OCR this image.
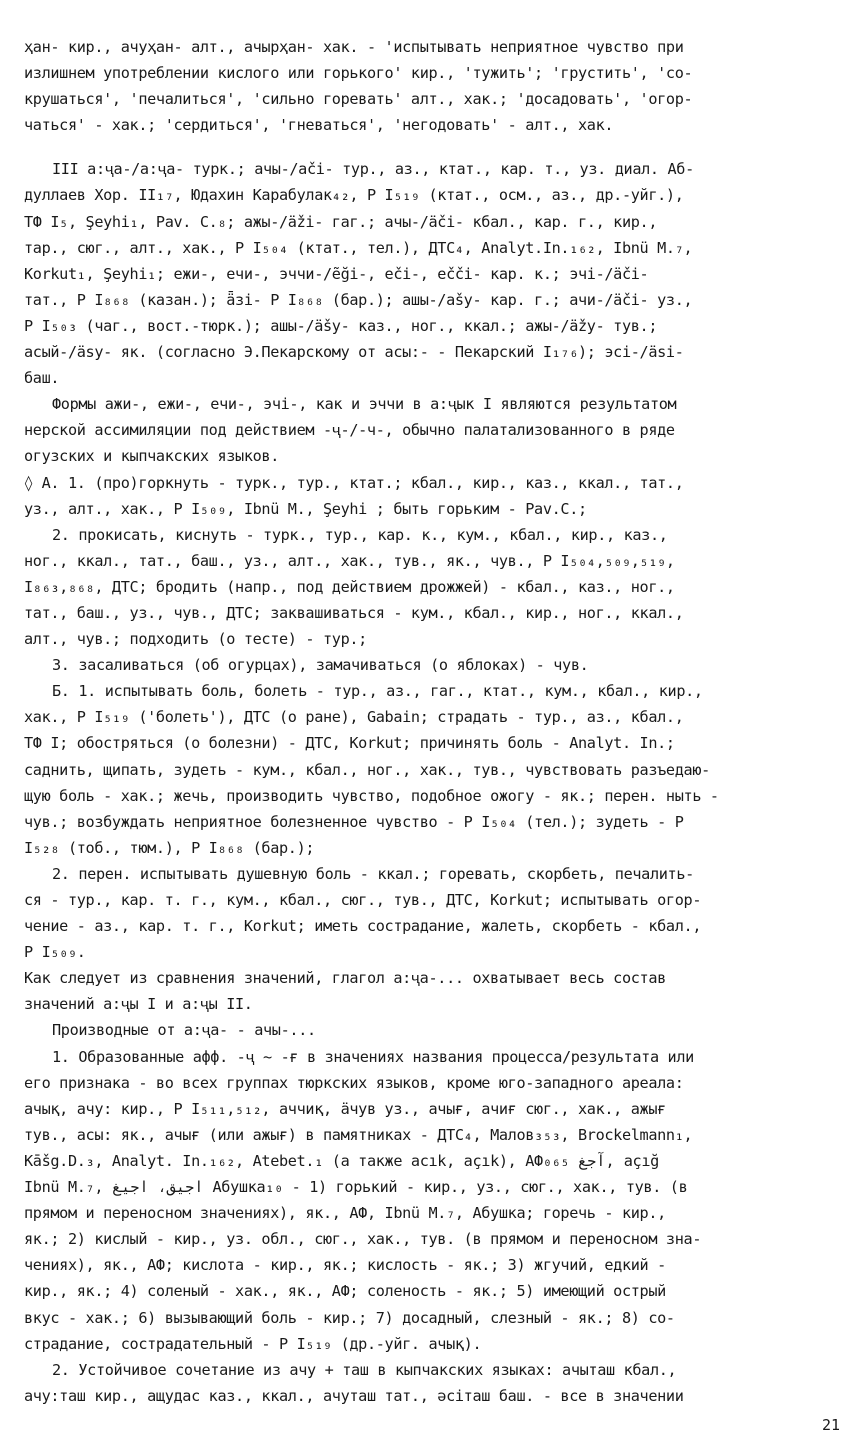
ҳан- кир., ачуҳан- алт., ачырҳан- хак. - 'испытывать неприятное чувство при
излишнем употреблении кислого или горького' кир., 'тужить'; 'грустить', 'со-
крушаться', 'печалиться', 'сильно горевать' алт., хак.; 'досадовать', 'огор-
чаться' - хак.; 'сердиться', 'гневаться', 'негодовать' - алт., хак.
III а:ҷа-/а:ҷа- турк.; ачы-/ači- тур., аз., ктат., кар. т., уз. диал. Аб-
дуллаев Хор. II₁₇, Юдахин Карабулак₄₂, Р I₅₁₉ (ктат., осм., аз., др.-уйг.),
ТФ I₅, Şeyhi₁, Pav. C.₈; ажы-/äži- гаг.; ачы-/äči- кбал., кар. г., кир.,
тар., сюг., алт., хак., Р I₅₀₄ (ктат., тел.), ДТС₄, Analyt.In.₁₆₂, Ibnü M.₇,
Korkut₁, Şeyhi₁; ежи-, ечи-, эччи-/ẽği-, eči-, ečči- кар. к.; эчі-/äčі-
тат., Р I₈₆₈ (казан.); ǟзi- Р I₈₆₈ (бар.); ашы-/ašy- кар. г.; ачи-/äči- уз.,
Р I₅₀₃ (чаг., вост.-тюрк.); ашы-/äšy- каз., ног., ккал.; ажы-/äžy- тув.;
асый-/äsy- як. (согласно Э.Пекарскому от асы:- - Пекарский I₁₇₆); эсі-/äsi-
баш.
Формы ажи-, ежи-, ечи-, эчі-, как и эччи в а:ҷык I являются результатом
нерской ассимиляции под действием -ҷ-/-ч-, обычно палатализованного в ряде
огузских и кыпчакских языков.
◊ А. 1. (про)горкнуть - турк., тур., ктат.; кбал., кир., каз., ккал., тат.,
уз., алт., хак., Р I₅₀₉, Ibnü M., Şeyhi ; быть горьким - Pav.C.;
2. прокисать, киснуть - турк., тур., кар. к., кум., кбал., кир., каз.,
ног., ккал., тат., баш., уз., алт., хак., тув., як., чув., Р I₅₀₄,₅₀₉,₅₁₉,
I₈₆₃,₈₆₈, ДТС; бродить (напр., под действием дрожжей) - кбал., каз., ног.,
тат., баш., уз., чув., ДТС; заквашиваться - кум., кбал., кир., ног., ккал.,
алт., чув.; подходить (о тесте) - тур.;
3. засаливаться (об огурцах), замачиваться (о яблоках) - чув.
Б. 1. испытывать боль, болеть - тур., аз., гаг., ктат., кум., кбал., кир.,
хак., Р I₅₁₉ ('болеть'), ДТС (о ране), Gabain; страдать - тур., аз., кбал.,
ТФ I; обостряться (о болезни) - ДТС, Korkut; причинять боль - Analyt. In.;
саднить, щипать, зудеть - кум., кбал., ног., хак., тув., чувствовать разъедаю-
щую боль - хак.; жечь, производить чувство, подобное ожогу - як.; перен. ныть -
чув.; возбуждать неприятное болезненное чувство - Р I₅₀₄ (тел.); зудеть - Р
I₅₂₈ (тоб., тюм.), Р I₈₆₈ (бар.);
2. перен. испытывать душевную боль - ккал.; горевать, скорбеть, печалить-
ся - тур., кар. т. г., кум., кбал., сюг., тув., ДТС, Korkut; испытывать огор-
чение - аз., кар. т. г., Korkut; иметь сострадание, жалеть, скорбеть - кбал.,
Р I₅₀₉.
Как следует из сравнения значений, глагол а:ҷа-... охватывает весь состав
значений а:ҷы I и а:ҷы II.
Производные от а:ҷа- - ачы-...
1. Образованные афф. -ҷ ~ -ғ в значениях названия процесса/результата или
его признака - во всех группах тюркских языков, кроме юго-западного ареала:
ачық, ачу: кир., Р I₅₁₁,₅₁₂, аччиқ, äчув уз., ачығ, ачиғ сюг., хак., ажығ
тув., асы: як., ачығ (или ажығ) в памятниках - ДТС₄, Малов₃₅₃, Brockelmann₁,
Kāšg.D.₃, Analyt. In.₁₆₂, Atebet.₁ (а также acık, açık), АФ₀₆₅ آجغ, açığ
Ibnü M.₇, اجيق، اجيغ Абушка₁₀ - 1) горький - кир., уз., сюг., хак., тув. (в
прямом и переносном значениях), як., АФ, Ibnü M.₇, Абушка; горечь - кир.,
як.; 2) кислый - кир., уз. обл., сюг., хак., тув. (в прямом и переносном зна-
чениях), як., АФ; кислота - кир., як.; кислость - як.; 3) жгучий, едкий -
кир., як.; 4) соленый - хак., як., АФ; соленость - як.; 5) имеющий острый
вкус - хак.; 6) вызывающий боль - кир.; 7) досадный, слезный - як.; 8) со-
страдание, сострадательный - Р I₅₁₉ (др.-уйг. ачық).
2. Устойчивое сочетание из ачу + таш в кыпчакских языках: ачыташ кбал.,
ачу:таш кир., ащудас каз., ккал., ачуташ тат., әсіташ баш. - все в значении
21
